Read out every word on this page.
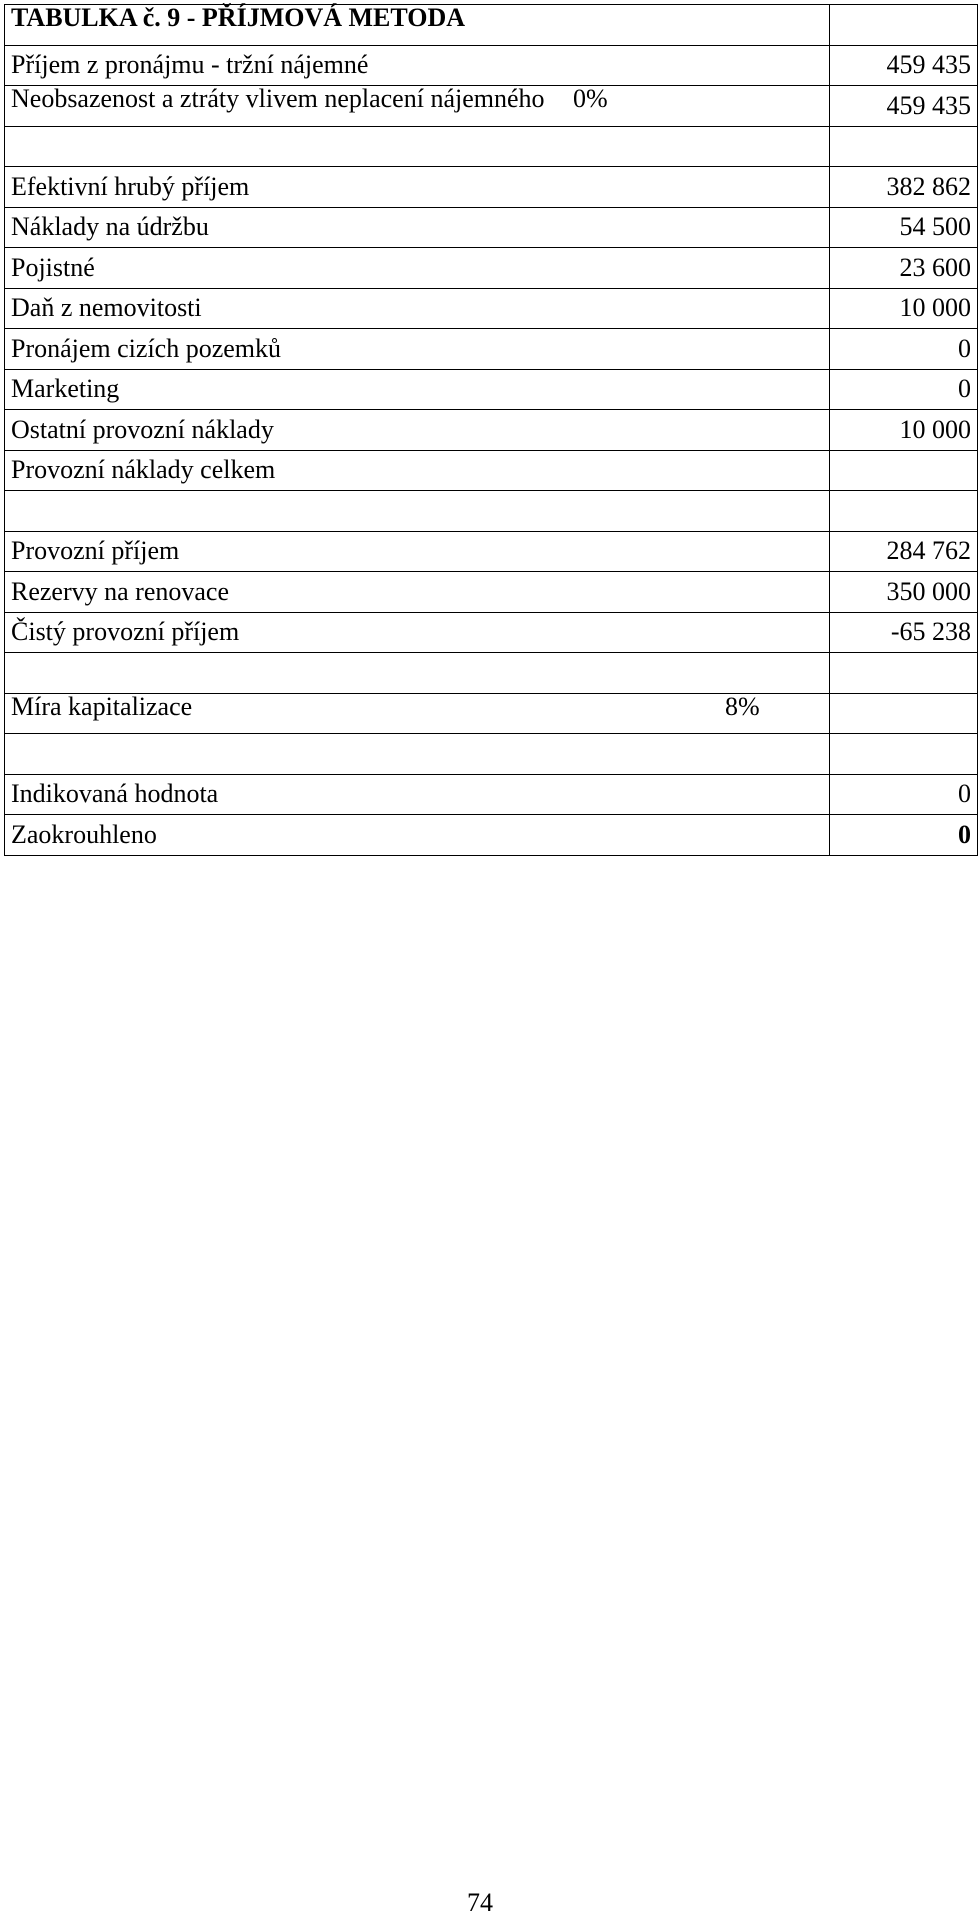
TABULKA č. 9 - PŘÍJMOVÁ METODA	

Příjem z pronájmu - tržní nájemné	459 435

Neobsazenost a ztráty vlivem neplacení nájemného 0%	459 435

Efektivní hrubý příjem	382 862
Náklady na údržbu	54 500
Pojistné	23 600
Daň z nemovitosti	10 000
Pronájem cizích pozemků	0
Marketing	0
Ostatní provozní náklady	10 000
Provozní náklady celkem	

Provozní příjem	284 762
Rezervy na renovace	350 000
Čistý provozní příjem	-65 238

Míra kapitalizace 8%	

Indikovaná hodnota	0
Zaokrouhleno	0
74
